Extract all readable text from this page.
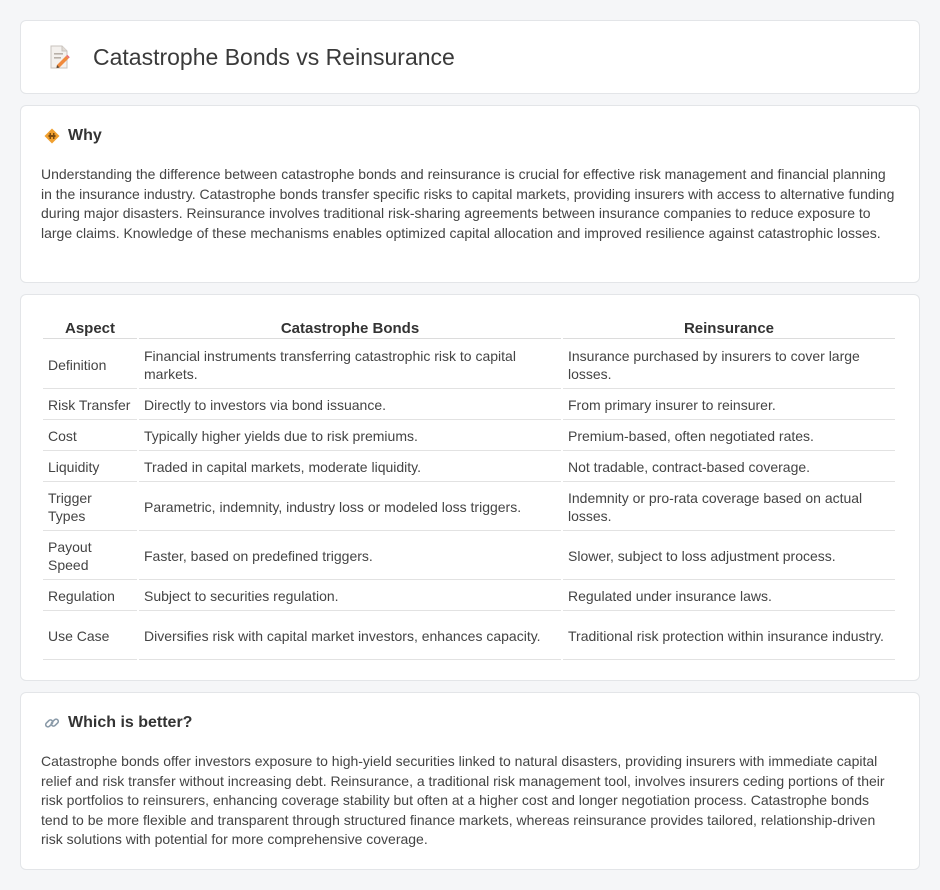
Catastrophe Bonds vs Reinsurance
Why

Understanding the difference between catastrophe bonds and reinsurance is crucial for effective risk management and financial planning in the insurance industry. Catastrophe bonds transfer specific risks to capital markets, providing insurers with access to alternative funding during major disasters. Reinsurance involves traditional risk-sharing agreements between insurance companies to reduce exposure to large claims. Knowledge of these mechanisms enables optimized capital allocation and improved resilience against catastrophic losses.

Aspect	Catastrophe Bonds	Reinsurance
Definition	Financial instruments transferring catastrophic risk to capital markets.	Insurance purchased by insurers to cover large losses.
Risk Transfer	Directly to investors via bond issuance.	From primary insurer to reinsurer.
Cost	Typically higher yields due to risk premiums.	Premium-based, often negotiated rates.
Liquidity	Traded in capital markets, moderate liquidity.	Not tradable, contract-based coverage.
Trigger Types	Parametric, indemnity, industry loss or modeled loss triggers.	Indemnity or pro-rata coverage based on actual losses.
Payout Speed	Faster, based on predefined triggers.	Slower, subject to loss adjustment process.
Regulation	Subject to securities regulation.	Regulated under insurance laws.
Use Case	Diversifies risk with capital market investors, enhances capacity.	Traditional risk protection within insurance industry.
Which is better?

Catastrophe bonds offer investors exposure to high-yield securities linked to natural disasters, providing insurers with immediate capital relief and risk transfer without increasing debt. Reinsurance, a traditional risk management tool, involves insurers ceding portions of their risk portfolios to reinsurers, enhancing coverage stability but often at a higher cost and longer negotiation process. Catastrophe bonds tend to be more flexible and transparent through structured finance markets, whereas reinsurance provides tailored, relationship-driven risk solutions with potential for more comprehensive coverage.
